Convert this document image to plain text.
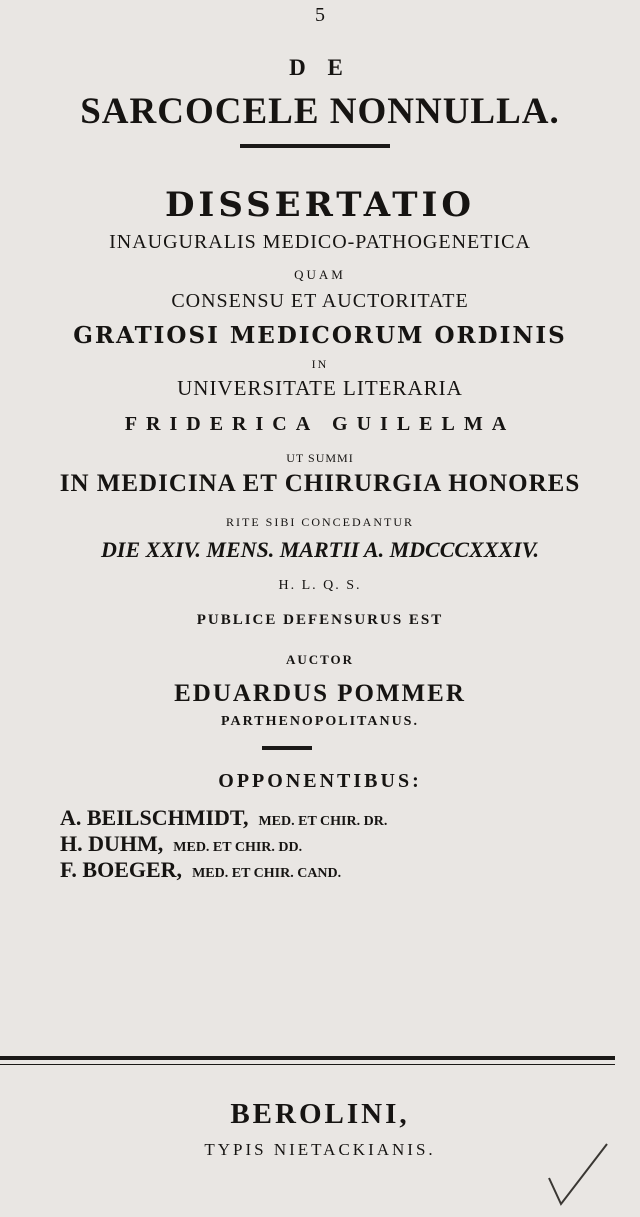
5
D E
SARCOCELE NONNULLA.
DISSERTATIO
INAUGURALIS MEDICO-PATHOGENETICA
QUAM
CONSENSU ET AUCTORITATE
GRATIOSI MEDICORUM ORDINIS
IN
UNIVERSITATE LITERARIA
FRIDERICA GUILELMA
UT SUMMI
IN MEDICINA ET CHIRURGIA HONORES
RITE SIBI CONCEDANTUR
DIE XXIV. MENS. MARTII A. MDCCCXXXIV.
H. L. Q. S.
PUBLICE DEFENSURUS EST
AUCTOR
EDUARDUS POMMER
PARTHENOPOLITANUS.
OPPONENTIBUS:
A. BEILSCHMIDT, MED. ET CHIR. DR.
H. DUHM, MED. ET CHIR. DD.
F. BOEGER, MED. ET CHIR. CAND.
BEROLINI,
TYPIS NIETACKIANIS.
